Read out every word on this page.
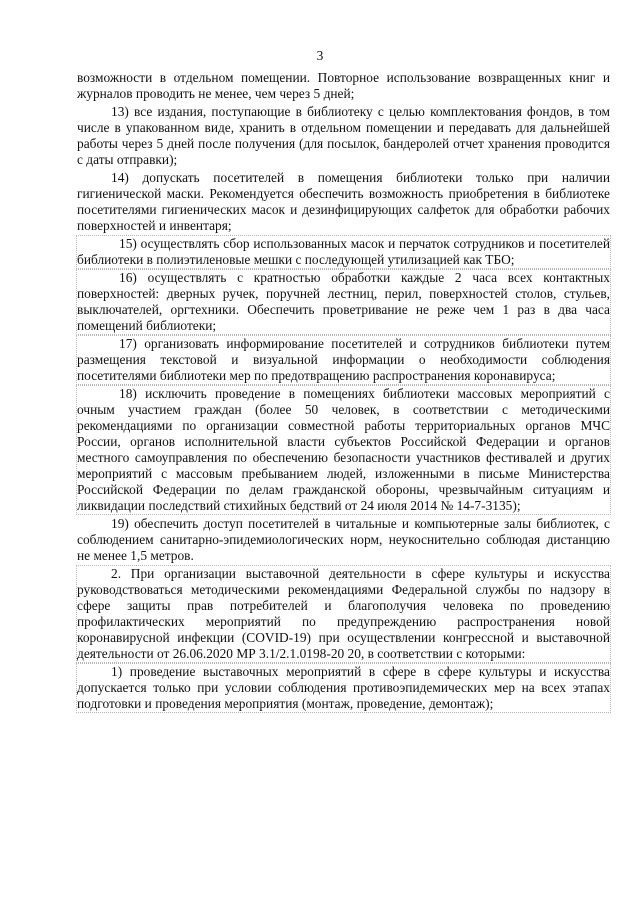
3

возможности в отдельном помещении. Повторное использование возвращенных книг и журналов проводить не менее, чем через 5 дней;

13) все издания, поступающие в библиотеку с целью комплектования фондов, в том числе в упакованном виде, хранить в отдельном помещении и передавать для дальнейшей работы через 5 дней после получения (для посылок, бандеролей отчет хранения проводится с даты отправки);

14) допускать посетителей в помещения библиотеки только при наличии гигиенической маски. Рекомендуется обеспечить возможность приобретения в библиотеке посетителями гигиенических масок и дезинфицирующих салфеток для обработки рабочих поверхностей и инвентаря;

15) осуществлять сбор использованных масок и перчаток сотрудников и посетителей библиотеки в полиэтиленовые мешки с последующей утилизацией как ТБО;

16) осуществлять с кратностью обработки каждые 2 часа всех контактных поверхностей: дверных ручек, поручней лестниц, перил, поверхностей столов, стульев, выключателей, оргтехники. Обеспечить проветривание не реже чем 1 раз в два часа помещений библиотеки;

17) организовать информирование посетителей и сотрудников библиотеки путем размещения текстовой и визуальной информации о необходимости соблюдения посетителями библиотеки мер по предотвращению распространения коронавируса;

18) исключить проведение в помещениях библиотеки массовых мероприятий с очным участием граждан (более 50 человек, в соответствии с методическими рекомендациями по организации совместной работы территориальных органов МЧС России, органов исполнительной власти субъектов Российской Федерации и органов местного самоуправления по обеспечению безопасности участников фестивалей и других мероприятий с массовым пребыванием людей, изложенными в письме Министерства Российской Федерации по делам гражданской обороны, чрезвычайным ситуациям и ликвидации последствий стихийных бедствий от 24 июля 2014 № 14-7-3135);

19) обеспечить доступ посетителей в читальные и компьютерные залы библиотек, с соблюдением санитарно-эпидемиологических норм, неукоснительно соблюдая дистанцию не менее 1,5 метров.

2. При организации выставочной деятельности в сфере культуры и искусства руководствоваться методическими рекомендациями Федеральной службы по надзору в сфере защиты прав потребителей и благополучия человека по проведению профилактических мероприятий по предупреждению распространения новой коронавирусной инфекции (COVID-19) при осуществлении конгрессной и выставочной деятельности от 26.06.2020 МР 3.1/2.1.0198-20 20, в соответствии с которыми:

1) проведение выставочных мероприятий в сфере в сфере культуры и искусства допускается только при условии соблюдения противоэпидемических мер на всех этапах подготовки и проведения мероприятия (монтаж, проведение, демонтаж);
